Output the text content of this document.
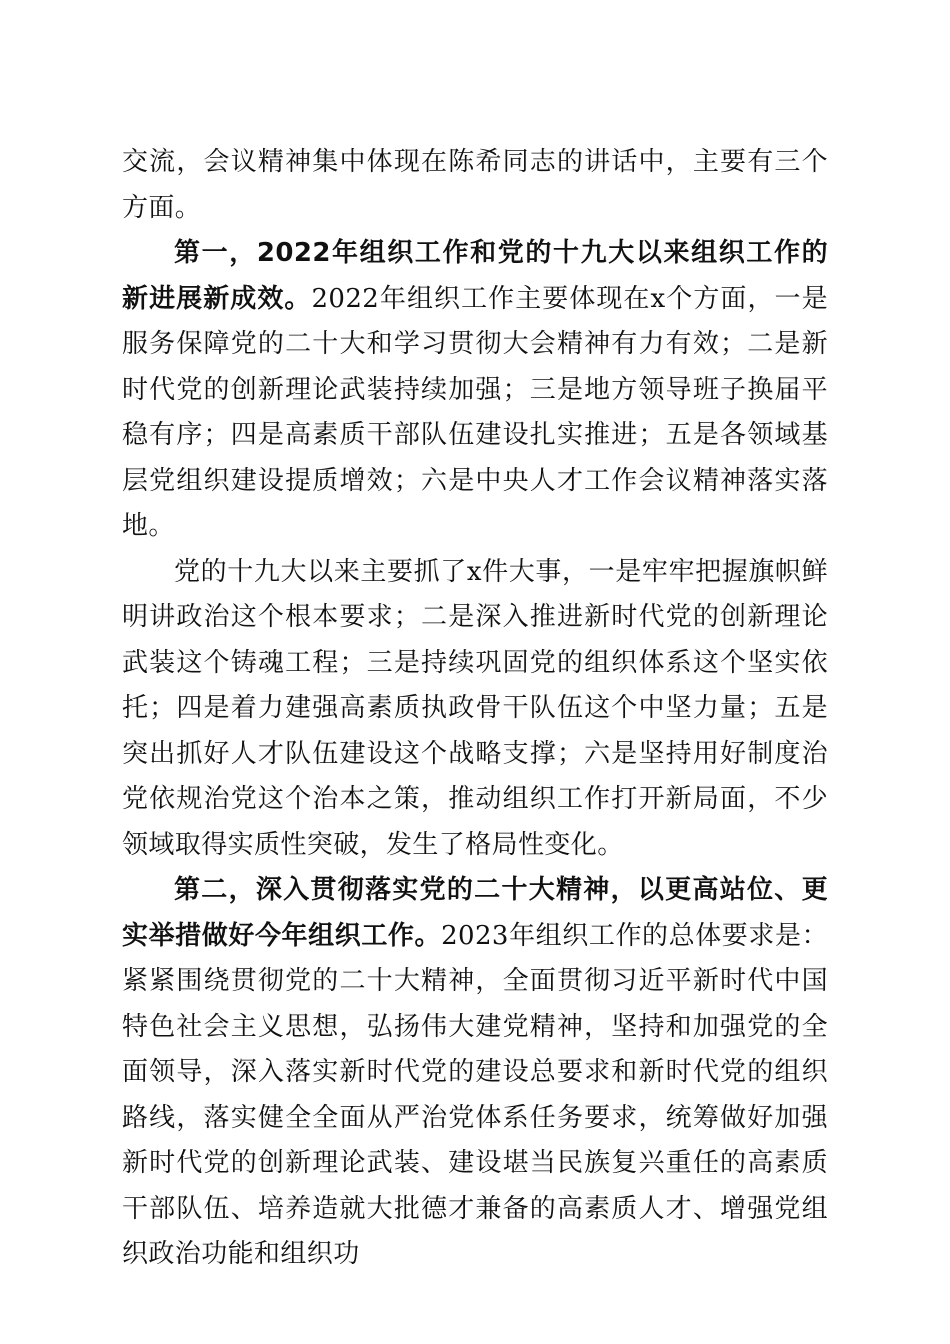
交流，会议精神集中体现在陈希同志的讲话中，主要有三个方面。

第一，2022年组织工作和党的十九大以来组织工作的新进展新成效。2022年组织工作主要体现在x个方面，一是服务保障党的二十大和学习贯彻大会精神有力有效；二是新时代党的创新理论武装持续加强；三是地方领导班子换届平稳有序；四是高素质干部队伍建设扎实推进；五是各领域基层党组织建设提质增效；六是中央人才工作会议精神落实落地。

党的十九大以来主要抓了x件大事，一是牢牢把握旗帜鲜明讲政治这个根本要求；二是深入推进新时代党的创新理论武装这个铸魂工程；三是持续巩固党的组织体系这个坚实依托；四是着力建强高素质执政骨干队伍这个中坚力量；五是突出抓好人才队伍建设这个战略支撑；六是坚持用好制度治党依规治党这个治本之策，推动组织工作打开新局面，不少领域取得实质性突破，发生了格局性变化。

第二，深入贯彻落实党的二十大精神，以更高站位、更实举措做好今年组织工作。2023年组织工作的总体要求是：紧紧围绕贯彻党的二十大精神，全面贯彻习近平新时代中国特色社会主义思想，弘扬伟大建党精神，坚持和加强党的全面领导，深入落实新时代党的建设总要求和新时代党的组织路线，落实健全全面从严治党体系任务要求，统筹做好加强新时代党的创新理论武装、建设堪当民族复兴重任的高素质干部队伍、培养造就大批德才兼备的高素质人才、增强党组织政治功能和组织功
